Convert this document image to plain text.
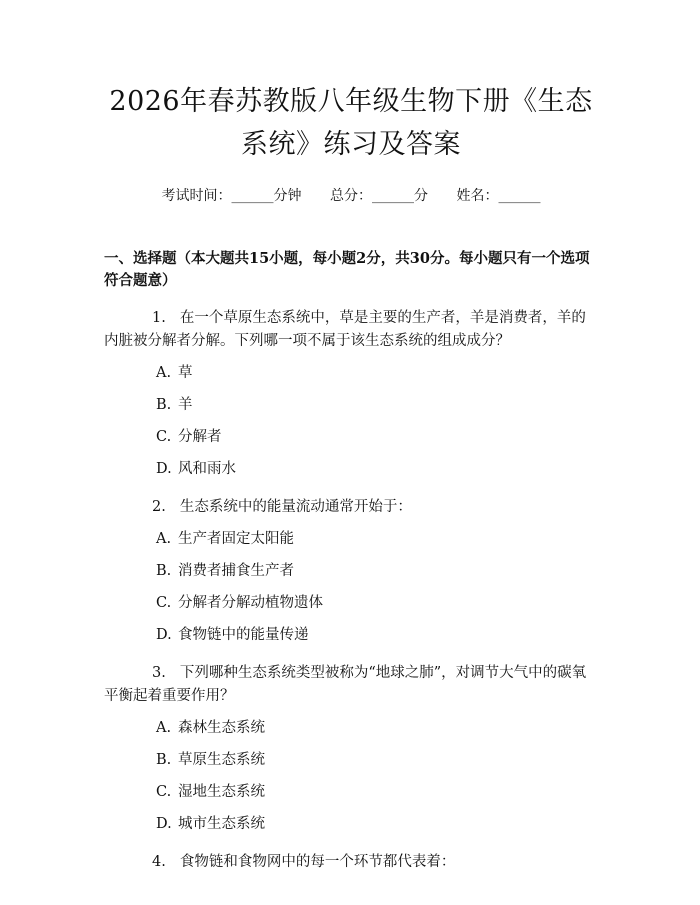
2026年春苏教版八年级生物下册《生态系统》练习及答案
考试时间：______分钟 总分：______分 姓名：______
一、选择题（本大题共15小题，每小题2分，共30分。每小题只有一个选项符合题意）
1. 在一个草原生态系统中，草是主要的生产者，羊是消费者，羊的内脏被分解者分解。下列哪一项不属于该生态系统的组成成分？
A. 草
B. 羊
C. 分解者
D. 风和雨水
2. 生态系统中的能量流动通常开始于：
A. 生产者固定太阳能
B. 消费者捕食生产者
C. 分解者分解动植物遗体
D. 食物链中的能量传递
3. 下列哪种生态系统类型被称为“地球之肺”，对调节大气中的碳氧平衡起着重要作用？
A. 森林生态系统
B. 草原生态系统
C. 湿地生态系统
D. 城市生态系统
4. 食物链和食物网中的每一个环节都代表着：
